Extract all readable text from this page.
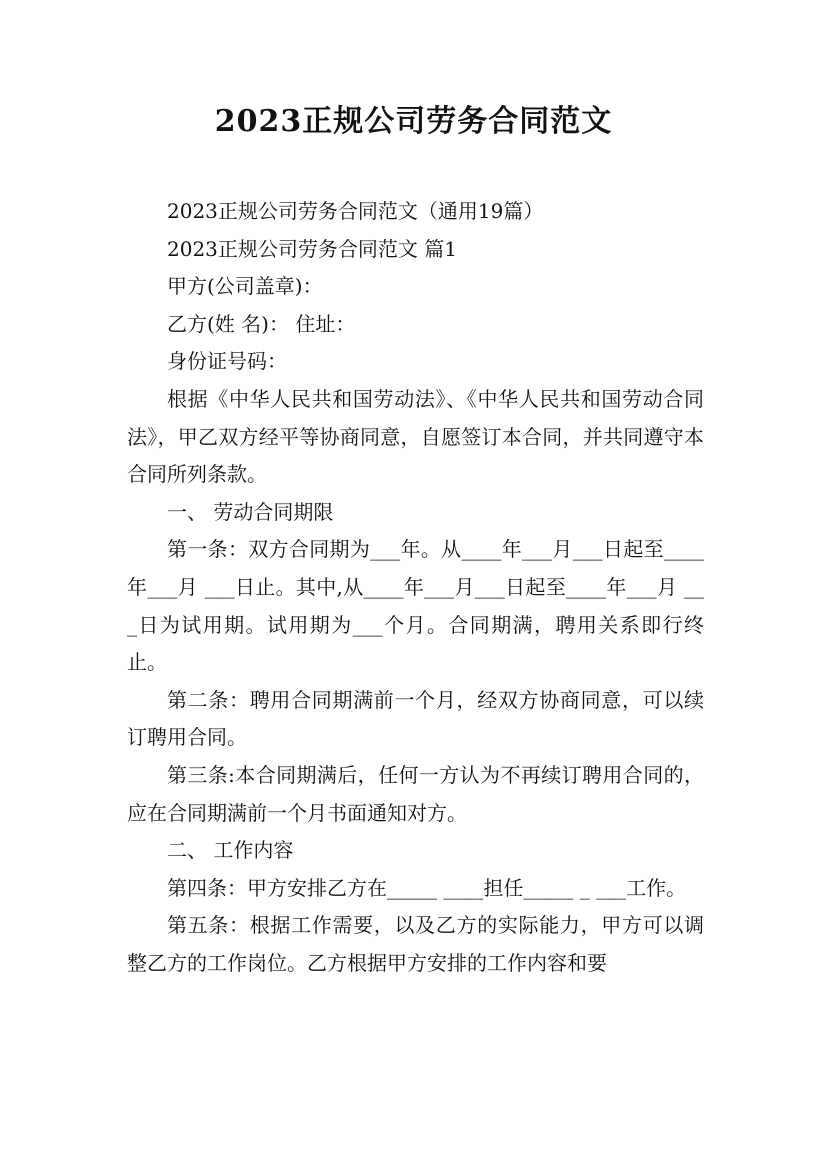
2023正规公司劳务合同范文

2023正规公司劳务合同范文（通用19篇）

2023正规公司劳务合同范文 篇1

甲方(公司盖章)：

乙方(姓 名)： 住址：

身份证号码：

根据《中华人民共和国劳动法》、《中华人民共和国劳动合同法》，甲乙双方经平等协商同意，自愿签订本合同，并共同遵守本合同所列条款。

一、 劳动合同期限

第一条：双方合同期为___年。从____年___月___日起至____年___月 ___日止。其中,从____年___月___日起至____年___月 ___日为试用期。试用期为___个月。合同期满，聘用关系即行终止。

第二条：聘用合同期满前一个月，经双方协商同意，可以续订聘用合同。

第三条:本合同期满后，任何一方认为不再续订聘用合同的，应在合同期满前一个月书面通知对方。

二、 工作内容

第四条：甲方安排乙方在_____ ____担任_____ _ ___工作。

第五条：根据工作需要，以及乙方的实际能力，甲方可以调整乙方的工作岗位。乙方根据甲方安排的工作内容和要
